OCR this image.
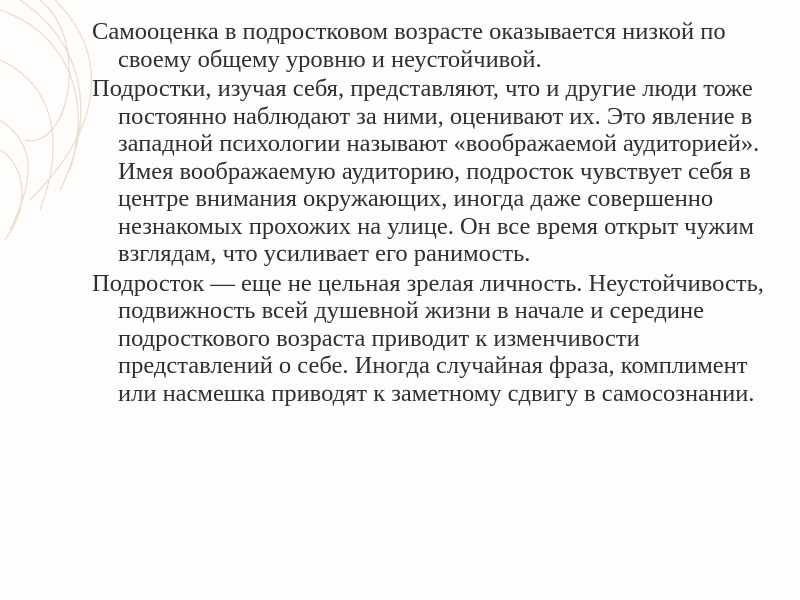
Самооценка в подростковом возрасте оказывается низкой по своему общему уровню и неустойчивой.

Подростки, изучая себя, представляют, что и другие люди тоже постоянно наблюдают за ними, оценивают их. Это явление в западной психологии называют «воображаемой аудиторией». Имея воображаемую аудиторию, подросток чувствует себя в центре внимания окружающих, иногда даже совершенно незнакомых прохожих на улице. Он все время открыт чужим взглядам, что усиливает его ранимость.

Подросток — еще не цельная зрелая личность. Неустойчивость, подвижность всей душевной жизни в начале и середине подросткового возраста приводит к изменчивости представлений о себе. Иногда случайная фраза, комплимент или насмешка приводят к заметному сдвигу в самосознании.
